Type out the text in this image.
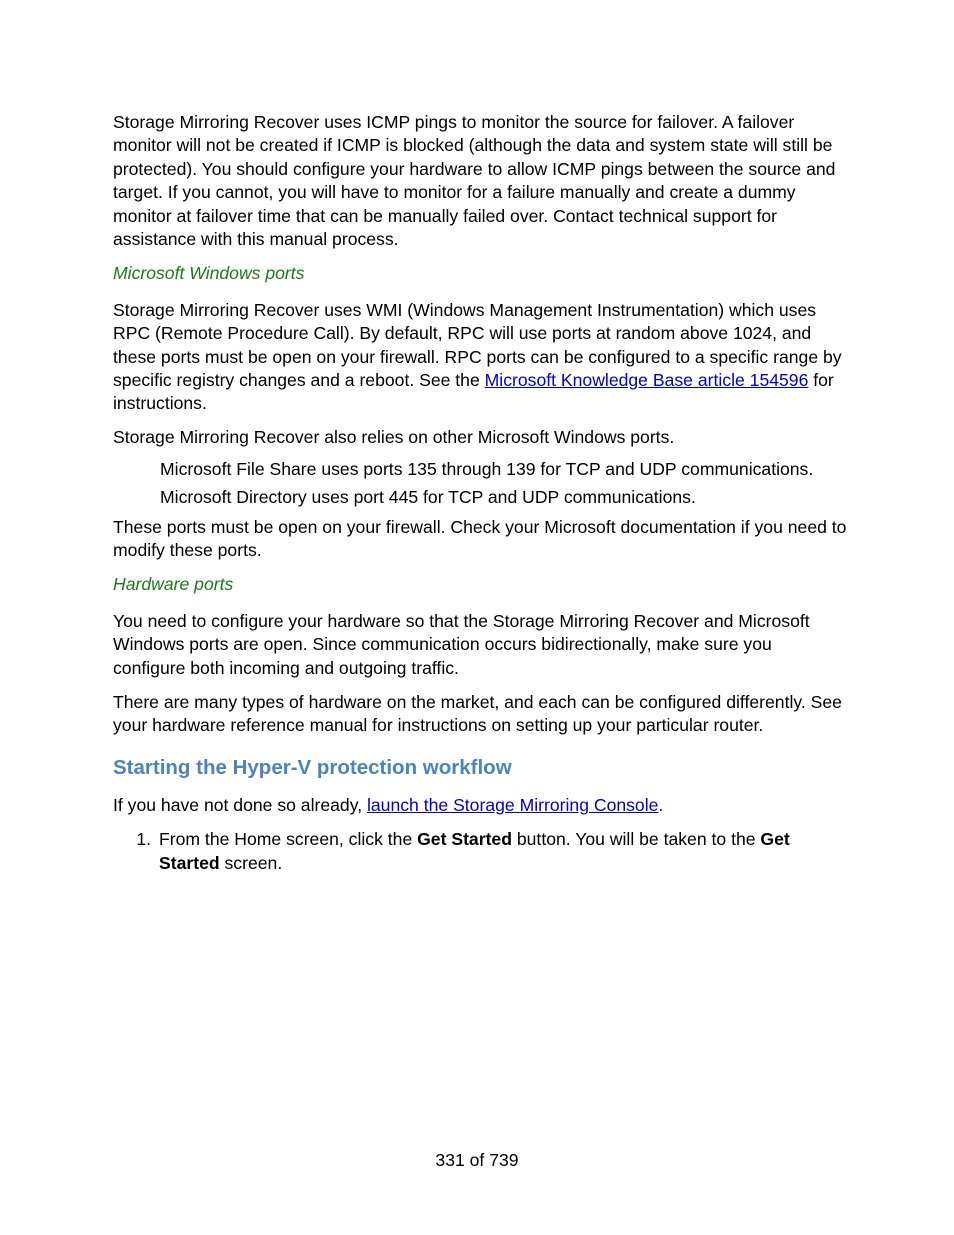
Storage Mirroring Recover uses ICMP pings to monitor the source for failover. A failover monitor will not be created if ICMP is blocked (although the data and system state will still be protected). You should configure your hardware to allow ICMP pings between the source and target. If you cannot, you will have to monitor for a failure manually and create a dummy monitor at failover time that can be manually failed over. Contact technical support for assistance with this manual process.

Microsoft Windows ports

Storage Mirroring Recover uses WMI (Windows Management Instrumentation) which uses RPC (Remote Procedure Call). By default, RPC will use ports at random above 1024, and these ports must be open on your firewall. RPC ports can be configured to a specific range by specific registry changes and a reboot. See the Microsoft Knowledge Base article 154596 for instructions.

Storage Mirroring Recover also relies on other Microsoft Windows ports.

Microsoft File Share uses ports 135 through 139 for TCP and UDP communications.

Microsoft Directory uses port 445 for TCP and UDP communications.

These ports must be open on your firewall. Check your Microsoft documentation if you need to modify these ports.

Hardware ports

You need to configure your hardware so that the Storage Mirroring Recover and Microsoft Windows ports are open. Since communication occurs bidirectionally, make sure you configure both incoming and outgoing traffic.

There are many types of hardware on the market, and each can be configured differently. See your hardware reference manual for instructions on setting up your particular router.

Starting the Hyper-V protection workflow

If you have not done so already, launch the Storage Mirroring Console.

1. From the Home screen, click the Get Started button. You will be taken to the Get Started screen.
331 of 739
